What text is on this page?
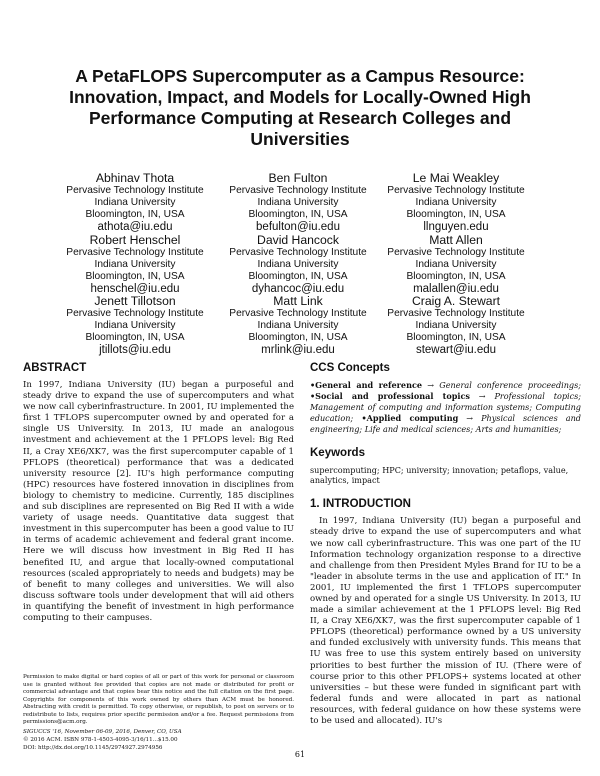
A PetaFLOPS Supercomputer as a Campus Resource: Innovation, Impact, and Models for Locally-Owned High Performance Computing at Research Colleges and Universities
Abhinav Thota
Pervasive Technology Institute
Indiana University
Bloomington, IN, USA
athota@iu.edu
Ben Fulton
Pervasive Technology Institute
Indiana University
Bloomington, IN, USA
befulton@iu.edu
Le Mai Weakley
Pervasive Technology Institute
Indiana University
Bloomington, IN, USA
llnguyen.edu
Robert Henschel
Pervasive Technology Institute
Indiana University
Bloomington, IN, USA
henschel@iu.edu
David Hancock
Pervasive Technology Institute
Indiana University
Bloomington, IN, USA
dyhancoc@iu.edu
Matt Allen
Pervasive Technology Institute
Indiana University
Bloomington, IN, USA
malallen@iu.edu
Jenett Tillotson
Pervasive Technology Institute
Indiana University
Bloomington, IN, USA
jtillots@iu.edu
Matt Link
Pervasive Technology Institute
Indiana University
Bloomington, IN, USA
mrlink@iu.edu
Craig A. Stewart
Pervasive Technology Institute
Indiana University
Bloomington, IN, USA
stewart@iu.edu
ABSTRACT

In 1997, Indiana University (IU) began a purposeful and steady drive to expand the use of supercomputers and what we now call cyberinfrastructure. In 2001, IU implemented the first 1 TFLOPS supercomputer owned by and operated for a single US University. In 2013, IU made an analogous investment and achievement at the 1 PFLOPS level: Big Red II, a Cray XE6/XK7, was the first supercomputer capable of 1 PFLOPS (theoretical) performance that was a dedicated university resource [2]. IU's high performance computing (HPC) resources have fostered innovation in disciplines from biology to chemistry to medicine. Currently, 185 disciplines and sub disciplines are represented on Big Red II with a wide variety of usage needs. Quantitative data suggest that investment in this supercomputer has been a good value to IU in terms of academic achievement and federal grant income. Here we will discuss how investment in Big Red II has benefited IU, and argue that locally-owned computational resources (scaled appropriately to needs and budgets) may be of benefit to many colleges and universities. We will also discuss software tools under development that will aid others in quantifying the benefit of investment in high performance computing to their campuses.

Permission to make digital or hard copies of all or part of this work for personal or classroom use is granted without fee provided that copies are not made or distributed for profit or commercial advantage and that copies bear this notice and the full citation on the first page. Copyrights for components of this work owned by others than ACM must be honored. Abstracting with credit is permitted. To copy otherwise, or republish, to post on servers or to redistribute to lists, requires prior specific permission and/or a fee. Request permissions from permissions@acm.org.

SIGUCCS '16, November 06-09, 2016, Denver, CO, USA

© 2016 ACM. ISBN 978-1-4503-4095-3/16/11...$15.00

DOI: http://dx.doi.org/10.1145/2974927.2974956

CCS Concepts

•General and reference → General conference proceedings; •Social and professional topics → Professional topics; Management of computing and information systems; Computing education; •Applied computing → Physical sciences and engineering; Life and medical sciences; Arts and humanities;

Keywords

supercomputing; HPC; university; innovation; petaflops, value, analytics, impact

1. INTRODUCTION

In 1997, Indiana University (IU) began a purposeful and steady drive to expand the use of supercomputers and what we now call cyberinfrastructure. This was one part of the IU Information technology organization response to a directive and challenge from then President Myles Brand for IU to be a "leader in absolute terms in the use and application of IT." In 2001, IU implemented the first 1 TFLOPS supercomputer owned by and operated for a single US University. In 2013, IU made a similar achievement at the 1 PFLOPS level: Big Red II, a Cray XE6/XK7, was the first supercomputer capable of 1 PFLOPS (theoretical) performance owned by a US university and funded exclusively with university funds. This means that IU was free to use this system entirely based on university priorities to best further the mission of IU. (There were of course prior to this other PFLOPS+ systems located at other universities – but these were funded in significant part with federal funds and were allocated in part as national resources, with federal guidance on how these systems were to be used and allocated). IU's

61
